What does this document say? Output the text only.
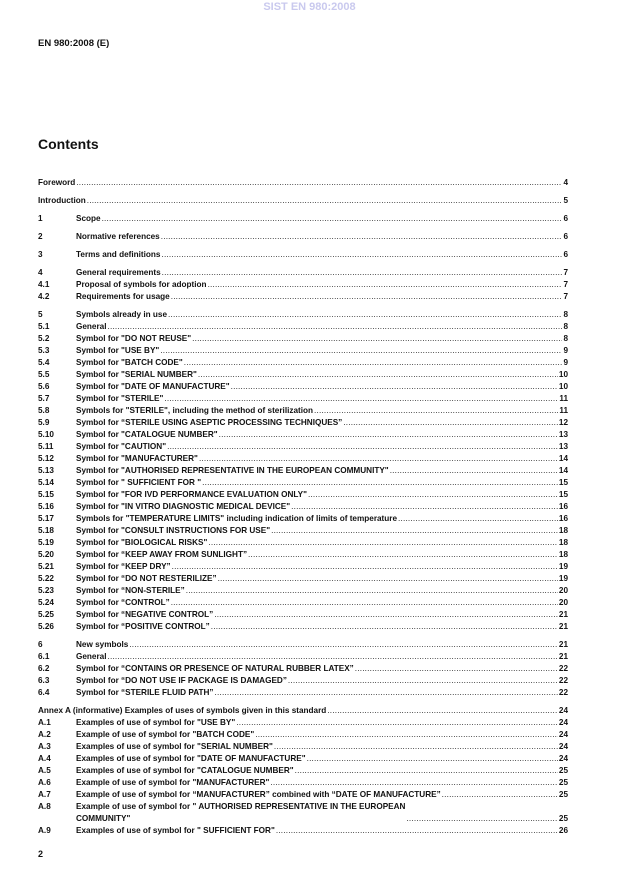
SIST EN 980:2008
EN 980:2008 (E)
Contents
Foreword .....	4
Introduction .....	5
1	Scope .....	6
2	Normative references .....	6
3	Terms and definitions .....	6
4	General requirements .....	7
4.1	Proposal of symbols for adoption .....	7
4.2	Requirements for usage .....	7
5	Symbols already in use .....	8
5.1	General .....	8
5.2	Symbol for "DO NOT REUSE" .....	8
5.3	Symbol for "USE BY" .....	9
5.4	Symbol for "BATCH CODE" .....	9
5.5	Symbol for "SERIAL NUMBER" .....	10
5.6	Symbol for "DATE OF MANUFACTURE" .....	10
5.7	Symbol for "STERILE" .....	11
5.8	Symbols for "STERILE", including the method of sterilization .....	11
5.9	Symbol for “STERILE USING ASEPTIC PROCESSING TECHNIQUES” .....	12
5.10	Symbol for "CATALOGUE NUMBER" .....	13
5.11	Symbol for "CAUTION" .....	13
5.12	Symbol for "MANUFACTURER" .....	14
5.13	Symbol for "AUTHORISED REPRESENTATIVE IN THE EUROPEAN COMMUNITY" .....	14
5.14	Symbol for " SUFFICIENT FOR " .....	15
5.15	Symbol for "FOR IVD PERFORMANCE EVALUATION ONLY" .....	15
5.16	Symbol for "IN VITRO DIAGNOSTIC MEDICAL DEVICE" .....	16
5.17	Symbols for "TEMPERATURE LIMITS" including indication of limits of temperature .....	16
5.18	Symbol for "CONSULT INSTRUCTIONS FOR USE" .....	18
5.19	Symbol for "BIOLOGICAL RISKS" .....	18
5.20	Symbol for “KEEP AWAY FROM SUNLIGHT” .....	18
5.21	Symbol for “KEEP DRY” .....	19
5.22	Symbol for “DO NOT RESTERILIZE” .....	19
5.23	Symbol for “NON-STERILE” .....	20
5.24	Symbol for “CONTROL” .....	20
5.25	Symbol for “NEGATIVE CONTROL” .....	21
5.26	Symbol for “POSITIVE CONTROL” .....	21
6	New symbols .....	21
6.1	General .....	21
6.2	Symbol for “CONTAINS OR PRESENCE OF NATURAL RUBBER LATEX” .....	22
6.3	Symbol for “DO NOT USE IF PACKAGE IS DAMAGED” .....	22
6.4	Symbol for “STERILE FLUID PATH” .....	22
Annex A (informative) Examples of uses of symbols given in this standard .....	24
A.1	Examples of use of symbol for "USE BY" .....	24
A.2	Example of use of symbol for "BATCH CODE" .....	24
A.3	Examples of use of symbol for "SERIAL NUMBER" .....	24
A.4	Examples of use of symbol for "DATE OF MANUFACTURE" .....	24
A.5	Examples of use of symbol for "CATALOGUE NUMBER" .....	25
A.6	Example of use of symbol for "MANUFACTURER" .....	25
A.7	Example of use of symbol for “MANUFACTURER” combined with “DATE OF MANUFACTURE” .....	25
A.8	Example of use of symbol for " AUTHORISED REPRESENTATIVE IN THE EUROPEAN
COMMUNITY" .....	25
A.9	Examples of use of symbol for " SUFFICIENT FOR" .....	26
2
